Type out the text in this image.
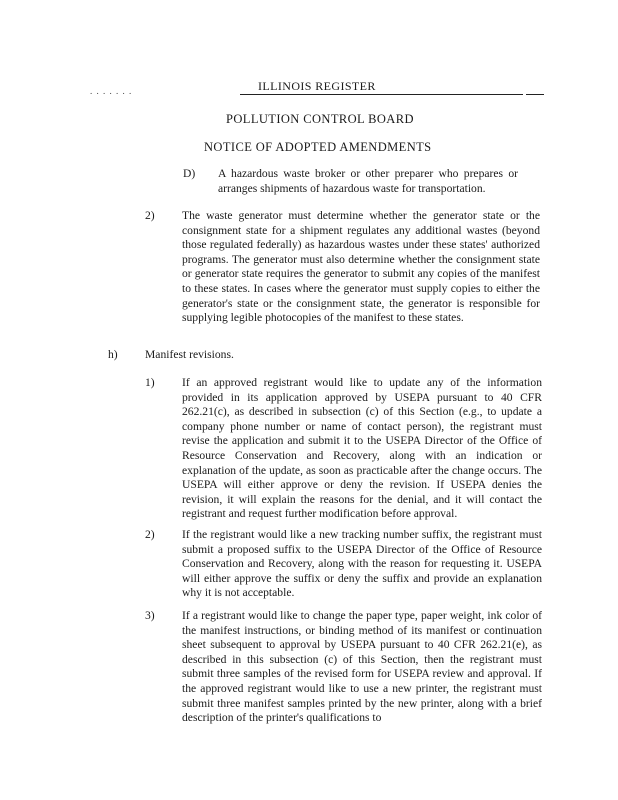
. . . . . . .	ILLINOIS REGISTER
POLLUTION CONTROL BOARD
NOTICE OF ADOPTED AMENDMENTS
D) A hazardous waste broker or other preparer who prepares or arranges shipments of hazardous waste for transportation.

2) The waste generator must determine whether the generator state or the consignment state for a shipment regulates any additional wastes (beyond those regulated federally) as hazardous wastes under these states' authorized programs. The generator must also determine whether the consignment state or generator state requires the generator to submit any copies of the manifest to these states. In cases where the generator must supply copies to either the generator's state or the consignment state, the generator is responsible for supplying legible photocopies of the manifest to these states.

h) Manifest revisions.
1) If an approved registrant would like to update any of the information provided in its application approved by USEPA pursuant to 40 CFR 262.21(c), as described in subsection (c) of this Section (e.g., to update a company phone number or name of contact person), the registrant must revise the application and submit it to the USEPA Director of the Office of Resource Conservation and Recovery, along with an indication or explanation of the update, as soon as practicable after the change occurs. The USEPA will either approve or deny the revision. If USEPA denies the revision, it will explain the reasons for the denial, and it will contact the registrant and request further modification before approval.

2) If the registrant would like a new tracking number suffix, the registrant must submit a proposed suffix to the USEPA Director of the Office of Resource Conservation and Recovery, along with the reason for requesting it. USEPA will either approve the suffix or deny the suffix and provide an explanation why it is not acceptable.

3) If a registrant would like to change the paper type, paper weight, ink color of the manifest instructions, or binding method of its manifest or continuation sheet subsequent to approval by USEPA pursuant to 40 CFR 262.21(e), as described in this subsection (c) of this Section, then the registrant must submit three samples of the revised form for USEPA review and approval. If the approved registrant would like to use a new printer, the registrant must submit three manifest samples printed by the new printer, along with a brief description of the printer's qualifications to
